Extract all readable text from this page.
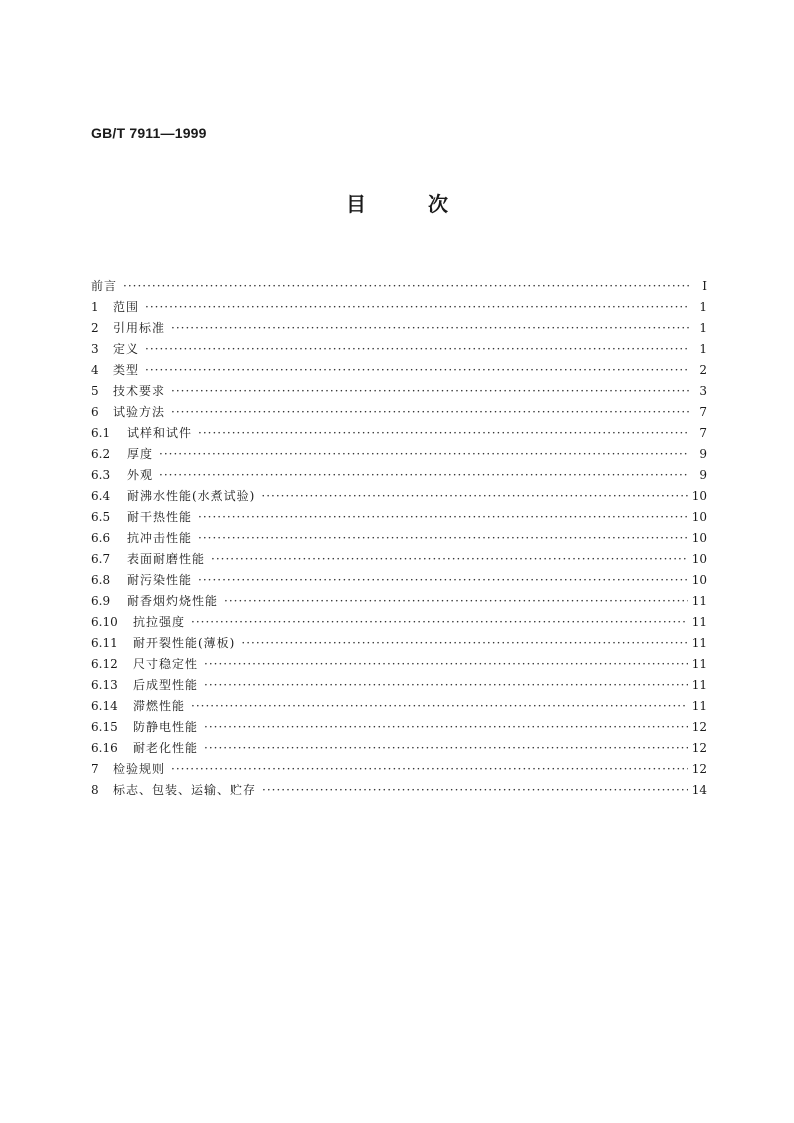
GB/T 7911—1999
目	次
前言 ·····	Ⅰ
1	范围 ·····	1
2	引用标准 ·····	1
3	定义 ·····	1
4	类型 ·····	2
5	技术要求 ·····	3
6	试验方法 ·····	7
6.1	试样和试件 ·····	7
6.2	厚度 ·····	9
6.3	外观 ·····	9
6.4	耐沸水性能(水煮试验) ·····	10
6.5	耐干热性能 ·····	10
6.6	抗冲击性能 ·····	10
6.7	表面耐磨性能 ·····	10
6.8	耐污染性能 ·····	10
6.9	耐香烟灼烧性能 ·····	11
6.10	抗拉强度 ·····	11
6.11	耐开裂性能(薄板) ·····	11
6.12	尺寸稳定性 ·····	11
6.13	后成型性能 ·····	11
6.14	滞燃性能 ·····	11
6.15	防静电性能 ·····	12
6.16	耐老化性能 ·····	12
7	检验规则 ·····	12
8	标志、包装、运输、贮存 ·····	14
